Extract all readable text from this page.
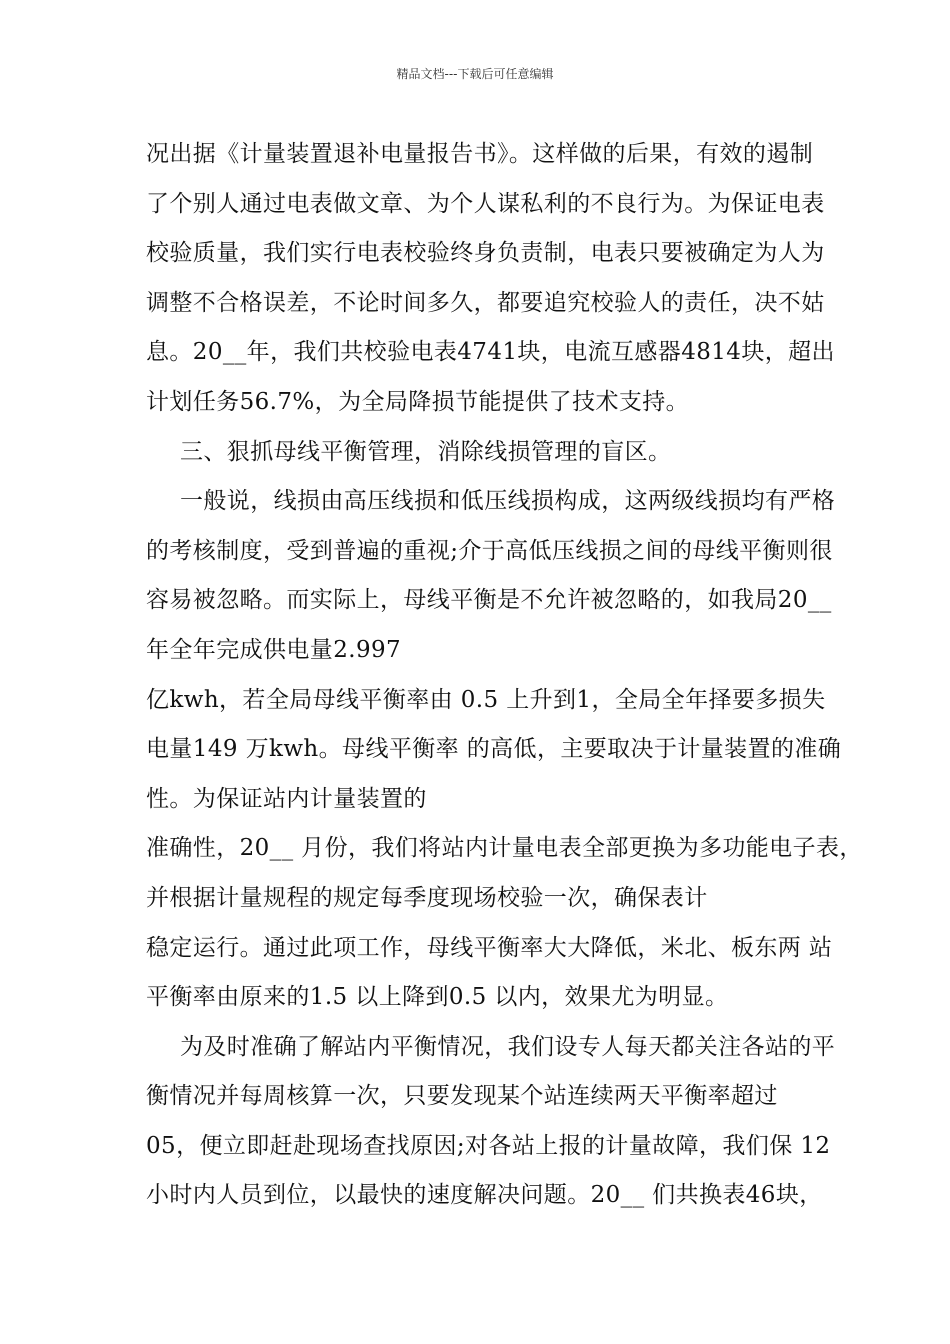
精品文档---下载后可任意编辑
况出据《计量装置退补电量报告书》。这样做的后果，有效的遏制
了个别人通过电表做文章、为个人谋私利的不良行为。为保证电表
校验质量，我们实行电表校验终身负责制，电表只要被确定为人为
调整不合格误差，不论时间多久，都要追究校验人的责任，决不姑
息。20__年，我们共校验电表4741块，电流互感器4814块，超出
计划任务56.7%，为全局降损节能提供了技术支持。
三、狠抓母线平衡管理，消除线损管理的盲区。
一般说，线损由高压线损和低压线损构成，这两级线损均有严格
的考核制度，受到普遍的重视;介于高低压线损之间的母线平衡则很
容易被忽略。而实际上，母线平衡是不允许被忽略的，如我局20__
年全年完成供电量2.997
亿kwh，若全局母线平衡率由 0.5 上升到1，全局全年择要多损失
电量149 万kwh。母线平衡率 的高低，主要取决于计量装置的准确
性。为保证站内计量装置的
准确性，20__ 月份，我们将站内计量电表全部更换为多功能电子表，
并根据计量规程的规定每季度现场校验一次，确保表计
稳定运行。通过此项工作，母线平衡率大大降低，米北、板东两 站
平衡率由原来的1.5 以上降到0.5 以内，效果尤为明显。
为及时准确了解站内平衡情况，我们设专人每天都关注各站的平
衡情况并每周核算一次，只要发现某个站连续两天平衡率超过
05，便立即赶赴现场查找原因;对各站上报的计量故障，我们保 12
小时内人员到位，以最快的速度解决问题。20__ 们共换表46块，
